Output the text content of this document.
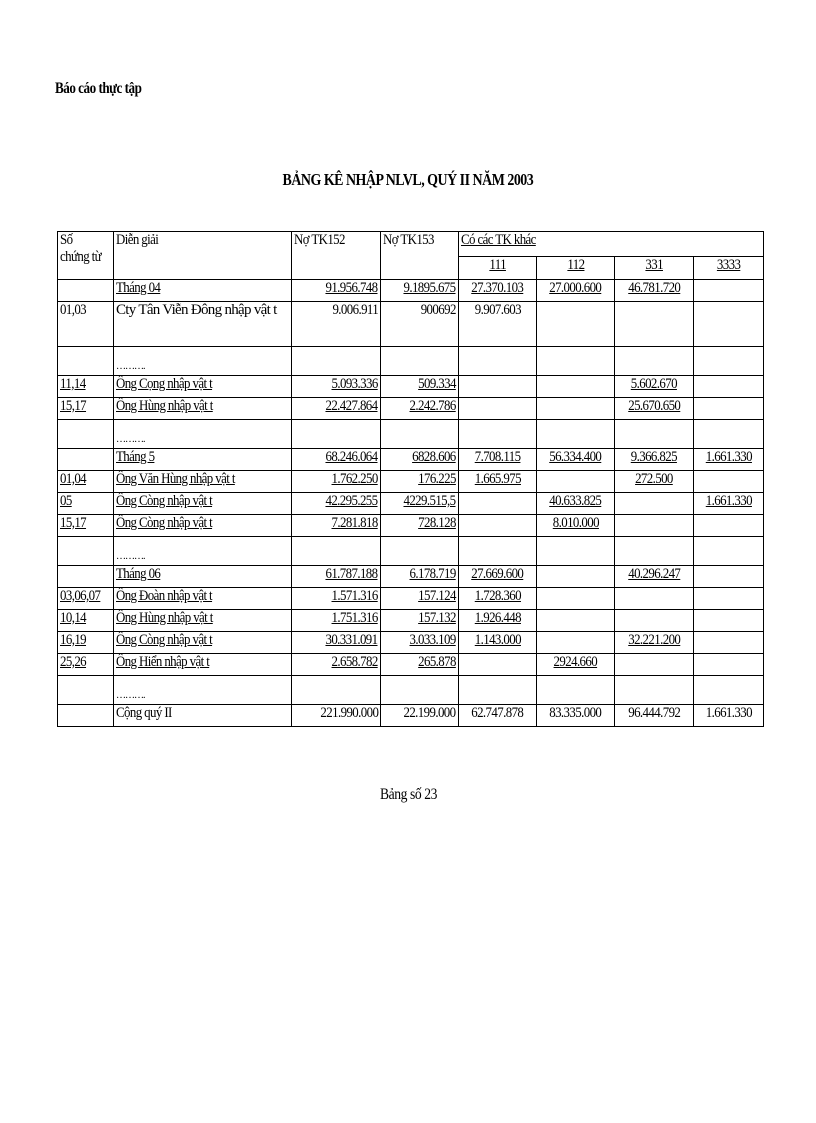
Báo cáo thực tập
BẢNG KÊ NHẬP NLVL, QUÝ II NĂM 2003
Số chứng từ	Diễn giải	Nợ TK152	Nợ TK153	Có các TK khác			
				111	112	331	3333
	Tháng 04	91.956.748	9.1895.675	27.370.103	27.000.600	46.781.720	
01,03	Cty Tân Viễn Đông nhập vật t	9.006.911	900692	9.907.603			

	……….						

11,14	Ông Cọng nhập vật t	5.093.336	509.334			5.602.670	
15,17	Ông Hùng nhập vật t	22.427.864	2.242.786			25.670.650	

	……….						

	Tháng 5	68.246.064	6828.606	7.708.115	56.334.400	9.366.825	1.661.330
01,04	Ông Văn Hùng nhập vật t	1.762.250	176.225	1.665.975		272.500	
05	Ông Còng nhập vật t	42.295.255	4229.515,5		40.633.825		1.661.330
15,17	Ông Còng nhập vật t	7.281.818	728.128		8.010.000		

	……….						

	Tháng 06	61.787.188	6.178.719	27.669.600		40.296.247	
03,06,07	Ông Đoàn nhập vật t	1.571.316	157.124	1.728.360			
10,14	Ông Hùng nhập vật t	1.751.316	157.132	1.926.448			
16,19	Ông Còng nhập vật t	30.331.091	3.033.109	1.143.000		32.221.200	
25,26	Ông Hiển nhập vật t	2.658.782	265.878		2924.660		

	……….						

	Cộng quý II	221.990.000	22.199.000	62.747.878	83.335.000	96.444.792	1.661.330
Bảng số 23
